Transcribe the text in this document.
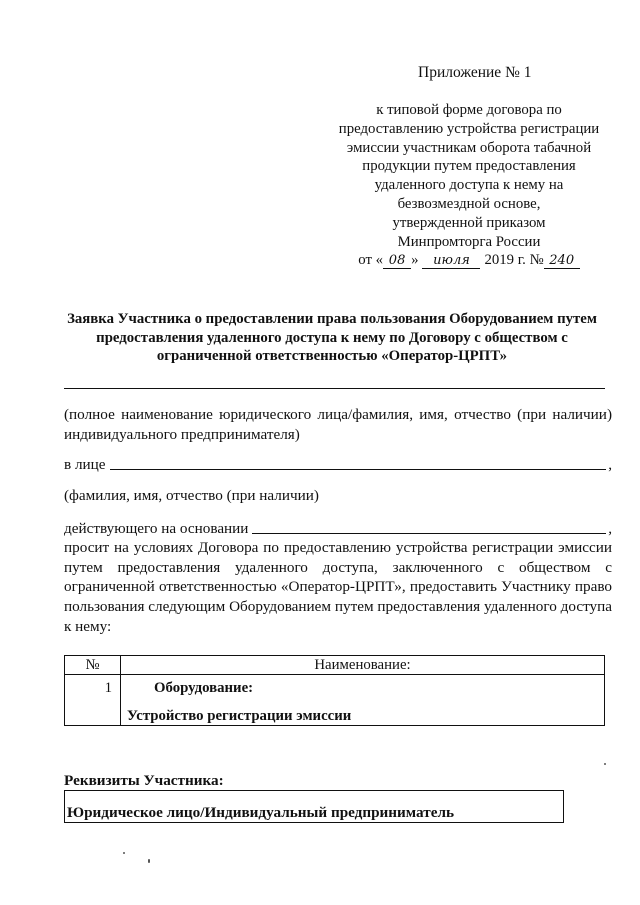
Приложение № 1
к типовой форме договора по
предоставлению устройства регистрации
эмиссии участникам оборота табачной
продукции путем предоставления
удаленного доступа к нему на
безвозмездной основе,
утвержденной приказом
Минпромторга России
от « 08 » июля 2019 г. № 240
Заявка Участника о предоставлении права пользования Оборудованием путем
предоставления удаленного доступа к нему по Договору с обществом с
ограниченной ответственностью «Оператор-ЦРПТ»
(полное наименование юридического лица/фамилия, имя, отчество (при наличии) индивидуального предпринимателя)
в лице	,
(фамилия, имя, отчество (при наличии)
действующего на основании	,
просит на условиях Договора по предоставлению устройства регистрации эмиссии путем предоставления удаленного доступа, заключенного с обществом с ограниченной ответственностью «Оператор-ЦРПТ», предоставить Участнику право пользования следующим Оборудованием путем предоставления удаленного доступа к нему:
№	Наименование:
1	Оборудование:
Устройство регистрации эмиссии
Реквизиты Участника:
Юридическое лицо/Индивидуальный предприниматель
